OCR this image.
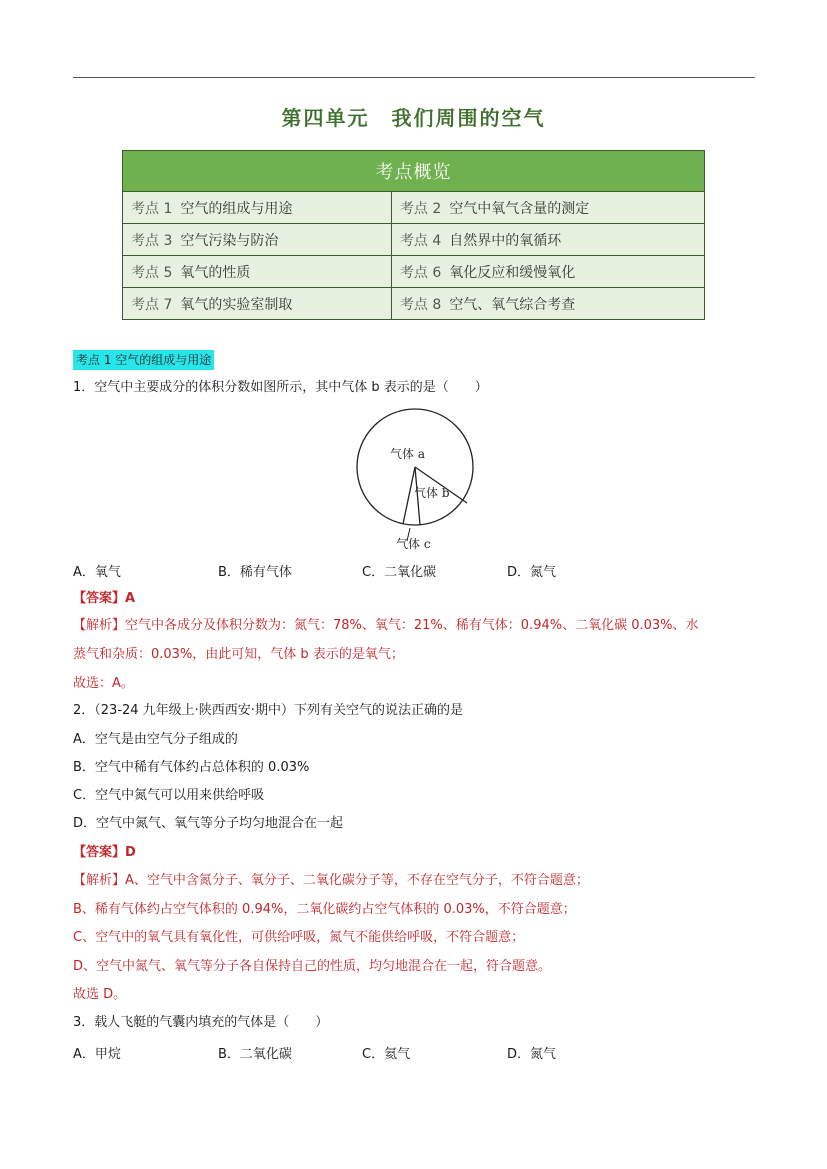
第四单元　我们周围的空气
考点概览	
考点 1 空气的组成与用途	考点 2 空气中氧气含量的测定
考点 3 空气污染与防治	考点 4 自然界中的氧循环
考点 5 氧气的性质	考点 6 氧化反应和缓慢氧化
考点 7 氧气的实验室制取	考点 8 空气、氧气综合考查
考点 1 空气的组成与用途
1．空气中主要成分的体积分数如图所示，其中气体 b 表示的是（　　）
气体 a
气体 b
气体 c
A．氧气	B．稀有气体	C．二氧化碳	D．氮气
【答案】A
【解析】空气中各成分及体积分数为：氮气：78%、氧气：21%、稀有气体：0.94%、二氧化碳 0.03%、水
蒸气和杂质：0.03%，由此可知，气体 b 表示的是氧气；
故选：A。
2．（23-24 九年级上·陕西西安·期中）下列有关空气的说法正确的是
A．空气是由空气分子组成的
B．空气中稀有气体约占总体积的 0.03%
C．空气中氮气可以用来供给呼吸
D．空气中氮气、氧气等分子均匀地混合在一起
【答案】D
【解析】A、空气中含氮分子、氧分子、二氧化碳分子等，不存在空气分子，不符合题意；
B、稀有气体约占空气体积的 0.94%，二氧化碳约占空气体积的 0.03%，不符合题意；
C、空气中的氧气具有氧化性，可供给呼吸，氮气不能供给呼吸，不符合题意；
D、空气中氮气、氧气等分子各自保持自己的性质，均匀地混合在一起，符合题意。
故选 D。
3．载人飞艇的气囊内填充的气体是（　　）
A．甲烷	B．二氧化碳	C．氦气	D．氮气
